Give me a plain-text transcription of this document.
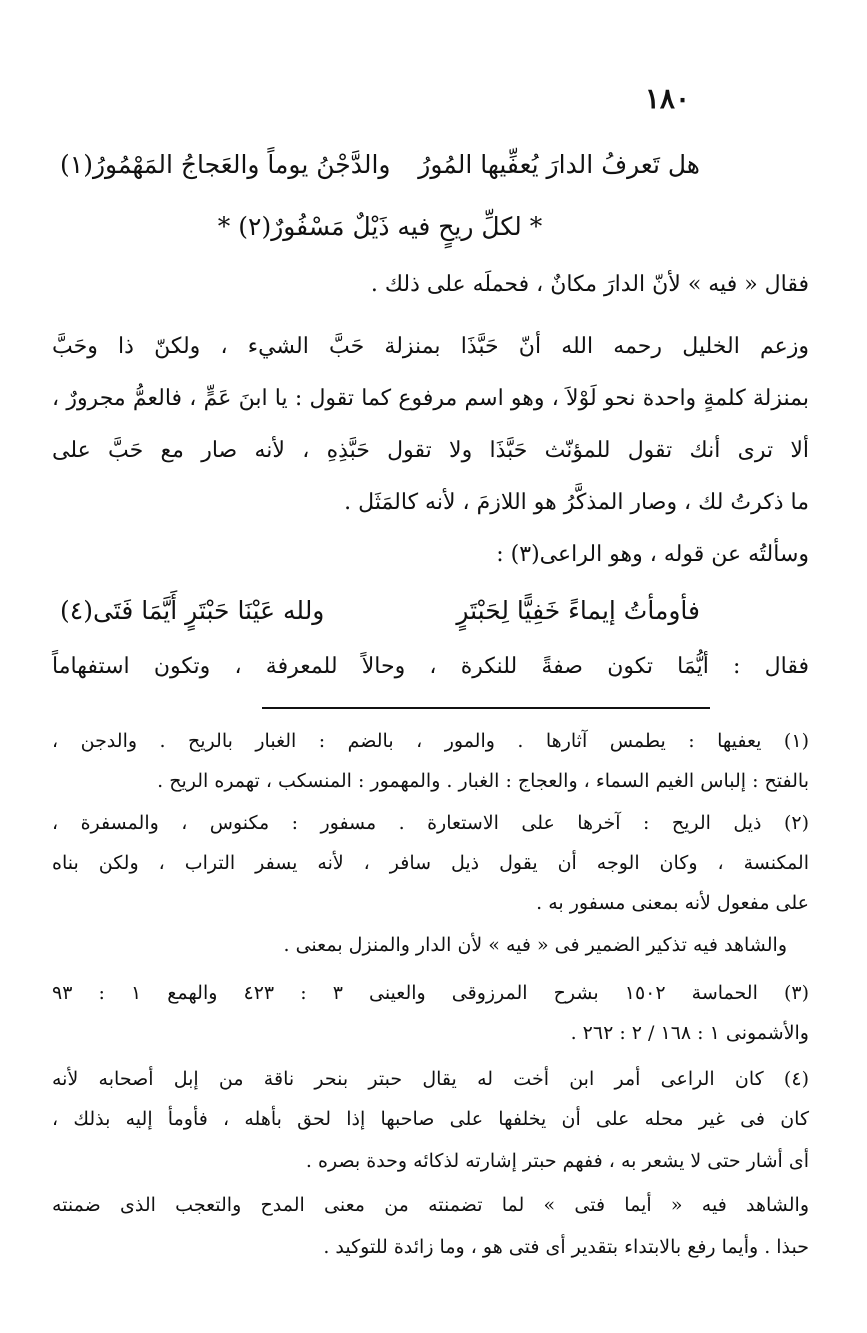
١٨٠
هل تَعرفُ الدارَ يُعفِّيها المُورُ
والدَّجْنُ يوماً والعَجاجُ المَهْمُورُ(١)
* لكلِّ ريحٍ فيه ذَيْلٌ مَسْفُورٌ(٢) *
فقال « فيه » لأنّ الدارَ مكانٌ ، فحملَه على ذلك .
وزعم الخليل رحمه الله أنّ حَبَّذَا بمنزلة حَبَّ الشيء ، ولكنّ ذا وحَبَّ
بمنزلة كلمةٍ واحدة نحو لَوْلاَ ، وهو اسم مرفوع كما تقول : يا ابنَ عَمٍّ ، فالعمُّ مجرورٌ ،
ألا ترى أنك تقول للمؤنّث حَبَّذَا ولا تقول حَبَّذِهِ ، لأنه صار مع حَبَّ على
ما ذكرتُ لك ، وصار المذكَّرُ هو اللازمَ ، لأنه كالمَثَل .
وسألتُه عن قوله ، وهو الراعى(٣) :
فأومأتُ إيماءً خَفِيًّا لِحَبْتَرٍ
ولله عَيْنَا حَبْتَرٍ أَيَّمَا فَتَى(٤)
فقال : أيُّمَا تكون صفةً للنكرة ، وحالاً للمعرفة ، وتكون استفهاماً
(١) يعفيها : يطمس آثارها . والمور ، بالضم : الغبار بالريح . والدجن ،
بالفتح : إلباس الغيم السماء ، والعجاج : الغبار . والمهمور : المنسكب ، تهمره الريح .
(٢) ذيل الريح : آخرها على الاستعارة . مسفور : مكنوس ، والمسفرة ،
المكنسة ، وكان الوجه أن يقول ذيل سافر ، لأنه يسفر التراب ، ولكن بناه
على مفعول لأنه بمعنى مسفور به .
والشاهد فيه تذكير الضمير فى « فيه » لأن الدار والمنزل بمعنى .
(٣) الحماسة ١٥٠٢ بشرح المرزوقى والعينى ٣ : ٤٢٣ والهمع ١ : ٩٣
والأشمونى ١ : ١٦٨ / ٢ : ٢٦٢ .
(٤) كان الراعى أمر ابن أخت له يقال حبتر بنحر ناقة من إبل أصحابه لأنه
كان فى غير محله على أن يخلفها على صاحبها إذا لحق بأهله ، فأومأ إليه بذلك ،
أى أشار حتى لا يشعر به ، ففهم حبتر إشارته لذكائه وحدة بصره .
والشاهد فيه « أيما فتى » لما تضمنته من معنى المدح والتعجب الذى ضمنته
حبذا . وأيما رفع بالابتداء بتقدير أى فتى هو ، وما زائدة للتوكيد .
